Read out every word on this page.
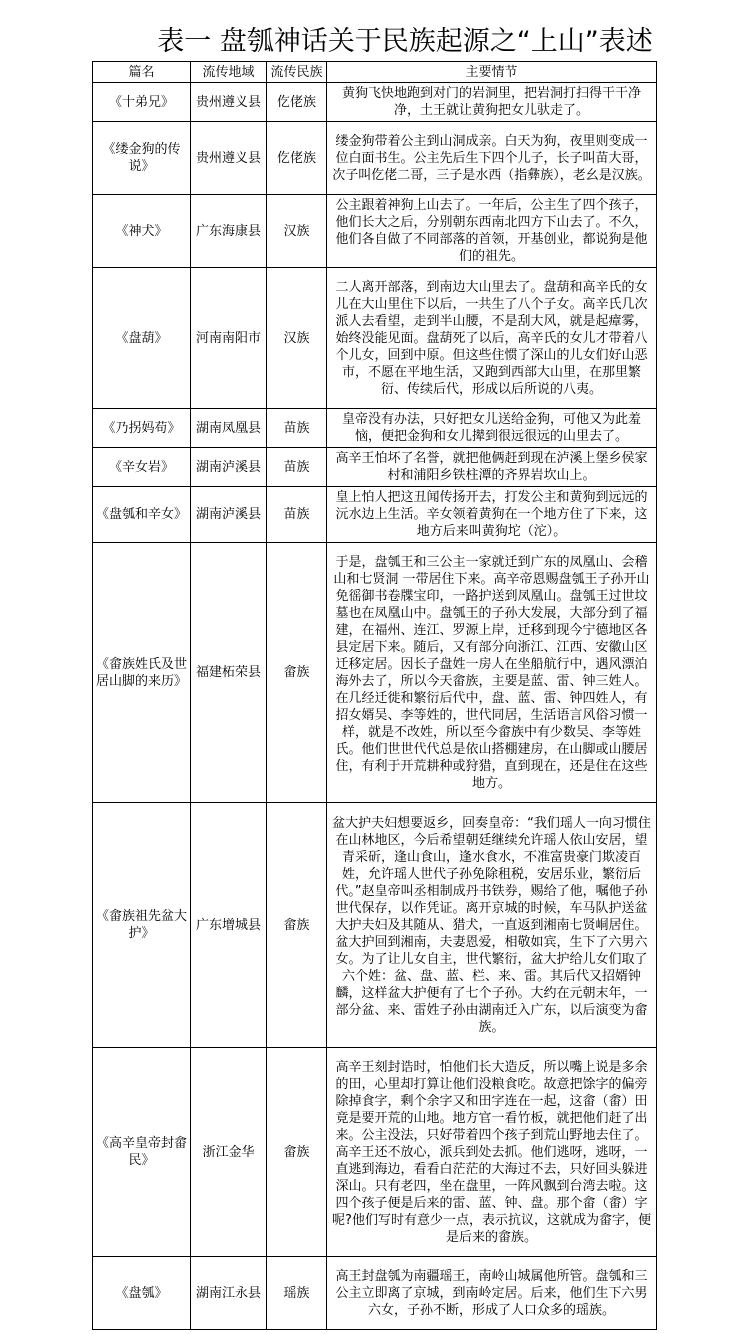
表一 盘瓠神话关于民族起源之“上山”表述
篇名	流传地域	流传民族	主要情节
《十弟兄》	贵州遵义县	仡佬族	黄狗飞快地跑到对门的岩洞里，把岩洞打扫得干干净净，土王就让黄狗把女儿驮走了。
《缕金狗的传说》	贵州遵义县	仡佬族	缕金狗带着公主到山洞成亲。白天为狗，夜里则变成一位白面书生。公主先后生下四个儿子，长子叫苗大哥，次子叫仡佬二哥，三子是水西（指彝族），老幺是汉族。
《神犬》	广东海康县	汉族	公主跟着神狗上山去了。一年后，公主生了四个孩子，他们长大之后，分别朝东西南北四方下山去了。不久，他们各自做了不同部落的首领，开基创业，都说狗是他们的祖先。
《盘葫》	河南南阳市	汉族	二人离开部落，到南边大山里去了。盘葫和高辛氏的女儿在大山里住下以后，一共生了八个子女。高辛氏几次派人去看望，走到半山腰，不是刮大风，就是起瘴雾，始终没能见面。盘葫死了以后，高辛氏的女儿才带着八个儿女，回到中原。但这些住惯了深山的儿女们好山恶市，不愿在平地生活，又跑到西部大山里，在那里繁衍、传续后代，形成以后所说的八夷。
《乃拐妈苟》	湖南凤凰县	苗族	皇帝没有办法，只好把女儿送给金狗，可他又为此羞恼，便把金狗和女儿撵到很远很远的山里去了。
《辛女岩》	湖南泸溪县	苗族	高辛王怕坏了名誉，就把他俩赶到现在泸溪上堡乡侯家村和浦阳乡铁柱潭的齐界岩坎山上。
《盘瓠和辛女》	湖南泸溪县	苗族	皇上怕人把这丑闻传扬开去，打发公主和黄狗到远远的沅水边上生活。辛女领着黄狗在一个地方住了下来，这地方后来叫黄狗坨（沱）。
《畲族姓氏及世居山脚的来历》	福建柘荣县	畲族	于是，盘瓠王和三公主一家就迁到广东的凤凰山、会稽山和七贤洞 一带居住下来。高辛帝恩赐盘瓠王子孙开山免徭御书卷牒宝印，一路护送到凤凰山。盘瓠王过世坟墓也在凤凰山中。盘瓠王的子孙大发展，大部分到了福建，在福州、连江、罗源上岸，迁移到现今宁德地区各县定居下来。随后，又有部分向浙江、江西、安徽山区迁移定居。因长子盘姓一房人在坐船航行中，遇风漂泊海外去了，所以今天畲族，主要是蓝、雷、钟三姓人。在几经迁徙和繁衍后代中，盘、蓝、雷、钟四姓人，有招女婿吴、李等姓的，世代同居，生活语言风俗习惯一样，就是不改姓，所以至今畲族中有少数吴、李等姓氏。他们世世代代总是依山搭棚建房，在山脚或山腰居住，有利于开荒耕种或狩猎，直到现在，还是住在这些地方。
《畲族祖先盆大护》	广东增城县	畲族	盆大护夫妇想要返乡，回奏皇帝：“我们瑶人一向习惯住在山林地区，今后希望朝廷继续允许瑶人依山安居，望青采斫，逢山食山，逢水食水，不准富贵豪门欺凌百姓，允许瑶人世代子孙免除租税，安居乐业，繁衍后代。”赵皇帝叫丞相制成丹书铁券，赐给了他，嘱他子孙世代保存，以作凭证。离开京城的时候，车马队护送盆大护夫妇及其随从、猎犬，一直返到湘南七贤峒居住。盆大护回到湘南，夫妻恩爱，相敬如宾，生下了六男六女。为了让儿女自主，世代繁衍，盆大护给儿女们取了六个姓：盆、盘、蓝、栏、来、雷。其后代又招婿钟麟，这样盆大护便有了七个子孙。大约在元朝末年，一部分盆、来、雷姓子孙由湖南迁入广东，以后演变为畲族。
《高辛皇帝封畲民》	浙江金华	畲族	高辛王刻封诰时，怕他们长大造反，所以嘴上说是多余的田，心里却打算让他们没粮食吃。故意把馀字的偏旁除掉食字，剩个余字又和田字连在一起，这畲（畬）田竟是要开荒的山地。地方官一看竹板，就把他们赶了出来。公主没法，只好带着四个孩子到荒山野地去住了。高辛王还不放心，派兵到处去抓。他们逃呀，逃呀，一直逃到海边，看看白茫茫的大海过不去，只好回头躲进深山。只有老四，坐在盘里，一阵风飘到台湾去啦。这四个孩子便是后来的雷、蓝、钟、盘。那个畲（畬）字呢?他们写时有意少一点，表示抗议，这就成为畲字，便是后来的畲族。
《盘瓠》	湖南江永县	瑶族	高王封盘瓠为南疆瑶王，南岭山城属他所管。盘瓠和三公主立即离了京城，到南岭定居。后来，他们生下六男六女，子孙不断，形成了人口众多的瑶族。
